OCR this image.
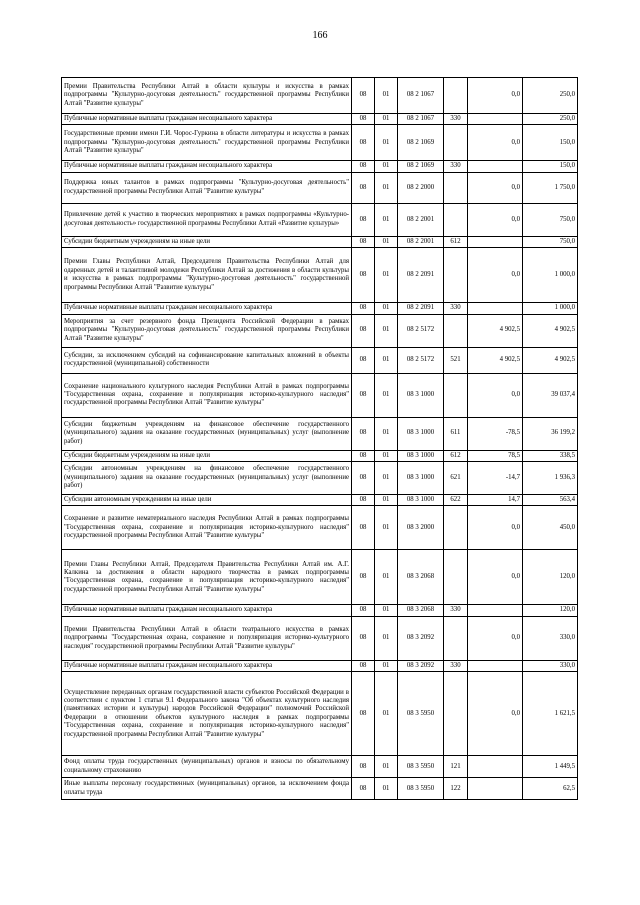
166
Премии Правительства Республики Алтай в области культуры и искусства в рамках подпрограммы "Культурно-досуговая деятельность" государственной программы Республики Алтай "Развитие культуры"	08	01	08 2 1067		0,0	250,0
Публичные нормативные выплаты гражданам несоциального характера	08	01	08 2 1067	330		250,0
Государственные премии имени Г.И. Чорос-Гуркина в области литературы и искусства в рамках подпрограммы "Культурно-досуговая деятельность" государственной программы Республики Алтай "Развитие культуры"	08	01	08 2 1069		0,0	150,0
Публичные нормативные выплаты гражданам несоциального характера	08	01	08 2 1069	330		150,0
Поддержка юных талантов в рамках подпрограммы "Культурно-досуговая деятельность" государственной программы Республики Алтай "Развитие культуры"	08	01	08 2 2000		0,0	1 750,0
Привлечение детей к участию в творческих мероприятиях в рамках подпрограммы «Культурно-досуговая деятельность» государственной программы Республики Алтай «Развитие культуры»	08	01	08 2 2001		0,0	750,0
Субсидии бюджетным учреждениям на иные цели	08	01	08 2 2001	612		750,0
Премии Главы Республики Алтай, Председателя Правительства Республики Алтай для одаренных детей и талантливой молодежи Республики Алтай за достижения в области культуры и искусства в рамках подпрограммы "Культурно-досуговая деятельность" государственной программы Республики Алтай "Развитие культуры"	08	01	08 2 2091		0,0	1 000,0
Публичные нормативные выплаты гражданам несоциального характера	08	01	08 2 2091	330		1 000,0
Мероприятия за счет резервного фонда Президента Российской Федерации в рамках подпрограммы "Культурно-досуговая деятельность" государственной программы Республики Алтай "Развитие культуры"	08	01	08 2 5172		4 902,5	4 902,5
Субсидии, за исключением субсидий на софинансирование капитальных вложений в объекты государственной (муниципальной) собственности	08	01	08 2 5172	521	4 902,5	4 902,5
Сохранение национального культурного наследия Республики Алтай в рамках подпрограммы "Государственная охрана, сохранение и популяризация историко-культурного наследия" государственной программы Республики Алтай "Развитие культуры"	08	01	08 3 1000		0,0	39 037,4
Субсидии бюджетным учреждениям на финансовое обеспечение государственного (муниципального) задания на оказание государственных (муниципальных) услуг (выполнение работ)	08	01	08 3 1000	611	-78,5	36 199,2
Субсидии бюджетным учреждениям на иные цели	08	01	08 3 1000	612	78,5	338,5
Субсидии автономным учреждениям на финансовое обеспечение государственного (муниципального) задания на оказание государственных (муниципальных) услуг (выполнение работ)	08	01	08 3 1000	621	-14,7	1 936,3
Субсидии автономным учреждениям на иные цели	08	01	08 3 1000	622	14,7	563,4
Сохранение и развитие нематериального наследия Республики Алтай в рамках подпрограммы "Государственная охрана, сохранение и популяризация историко-культурного наследия" государственной программы Республики Алтай "Развитие культуры"	08	01	08 3 2000		0,0	450,0
Премии Главы Республики Алтай, Председателя Правительства Республики Алтай им. А.Г. Калкина за достижения в области народного творчества в рамках подпрограммы "Государственная охрана, сохранение и популяризация историко-культурного наследия" государственной программы Республики Алтай "Развитие культуры"	08	01	08 3 2068		0,0	120,0
Публичные нормативные выплаты гражданам несоциального характера	08	01	08 3 2068	330		120,0
Премии Правительства Республики Алтай в области театрального искусства в рамках подпрограммы "Государственная охрана, сохранение и популяризация историко-культурного наследия" государственной программы Республики Алтай "Развитие культуры"	08	01	08 3 2092		0,0	330,0
Публичные нормативные выплаты гражданам несоциального характера	08	01	08 3 2092	330		330,0
Осуществление переданных органам государственной власти субъектов Российской Федерации в соответствии с пунктом 1 статьи 9.1 Федерального закона "Об объектах культурного наследия (памятниках истории и культуры) народов Российской Федерации" полномочий Российской Федерации в отношении объектов культурного наследия в рамках подпрограммы "Государственная охрана, сохранение и популяризация историко-культурного наследия" государственной программы Республики Алтай "Развитие культуры"	08	01	08 3 5950		0,0	1 621,5
Фонд оплаты труда государственных (муниципальных) органов и взносы по обязательному социальному страхованию	08	01	08 3 5950	121		1 449,5
Иные выплаты персоналу государственных (муниципальных) органов, за исключением фонда оплаты труда	08	01	08 3 5950	122		62,5
